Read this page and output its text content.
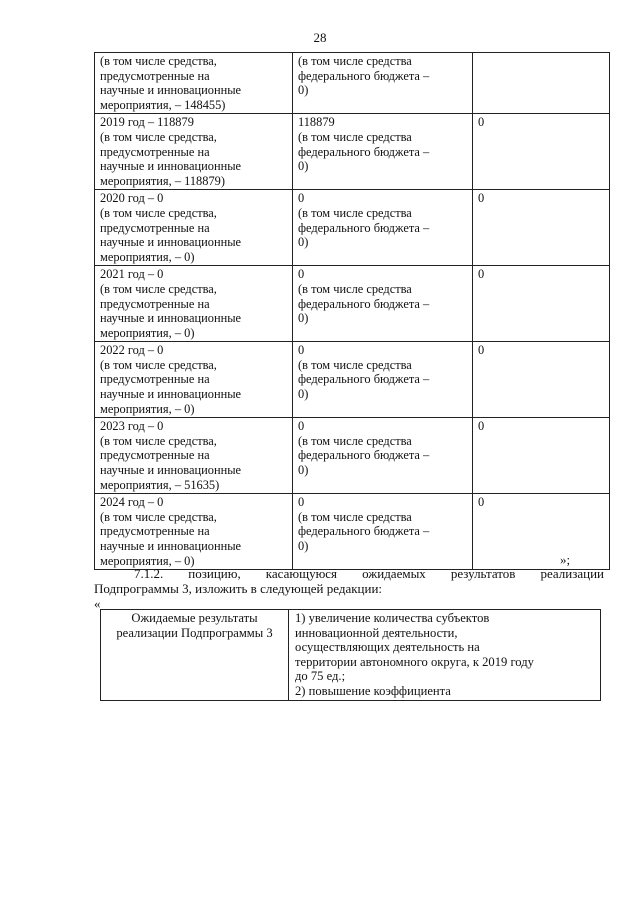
28
(в том числе средства,
предусмотренные на
научные и инновационные
мероприятия, – 148455)	(в том числе средства
федерального бюджета –
0)	

2019 год – 118879
(в том числе средства,
предусмотренные на
научные и инновационные
мероприятия, – 118879)	118879
(в том числе средства
федерального бюджета –
0)	0

2020 год – 0
(в том числе средства,
предусмотренные на
научные и инновационные
мероприятия, – 0)	0
(в том числе средства
федерального бюджета –
0)	0

2021 год – 0
(в том числе средства,
предусмотренные на
научные и инновационные
мероприятия, – 0)	0
(в том числе средства
федерального бюджета –
0)	0

2022 год – 0
(в том числе средства,
предусмотренные на
научные и инновационные
мероприятия, – 0)	0
(в том числе средства
федерального бюджета –
0)	0

2023 год – 0
(в том числе средства,
предусмотренные на
научные и инновационные
мероприятия, – 51635)	0
(в том числе средства
федерального бюджета –
0)	0

2024 год – 0
(в том числе средства,
предусмотренные на
научные и инновационные
мероприятия, – 0)	0
(в том числе средства
федерального бюджета –
0)	0
»;
7.1.2. позицию, касающуюся ожидаемых результатов реализации
Подпрограммы 3, изложить в следующей редакции:
«
Ожидаемые результаты
реализации Подпрограммы 3

1) увеличение количества субъектов
инновационной деятельности,
осуществляющих деятельность на
территории автономного округа, к 2019 году
до 75 ед.;
2) повышение коэффициента
